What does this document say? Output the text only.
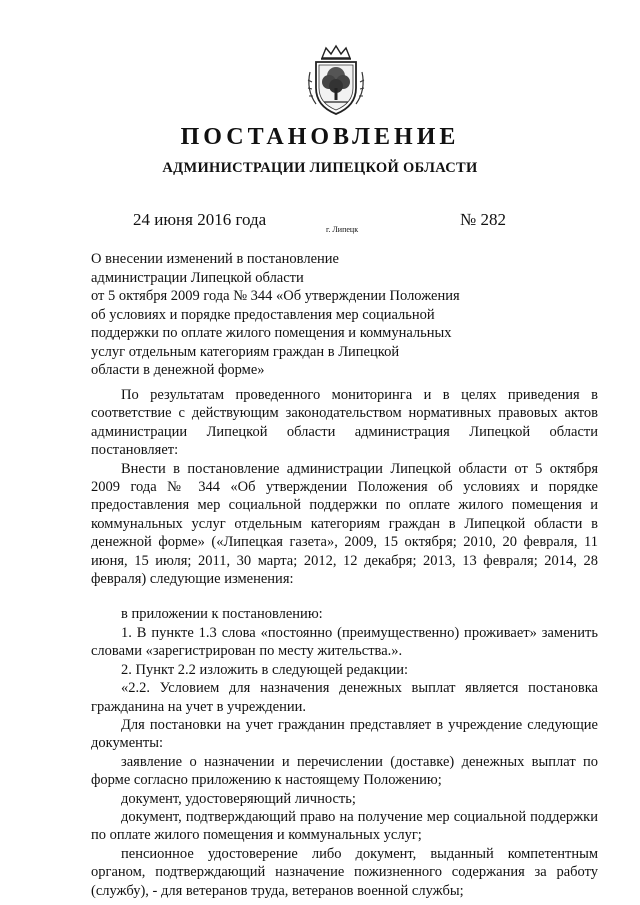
ПОСТАНОВЛЕНИЕ
АДМИНИСТРАЦИИ ЛИПЕЦКОЙ ОБЛАСТИ
24 июня 2016 года
г. Липецк
№ 282
О внесении изменений в постановление
администрации Липецкой области
от 5 октября 2009 года № 344 «Об утверждении Положения
об условиях и порядке предоставления мер социальной
поддержки по оплате жилого помещения и коммунальных
услуг отдельным категориям граждан в Липецкой
области в денежной форме»

По результатам проведенного мониторинга и в целях приведения в соответствие с действующим законодательством нормативных правовых актов администрации Липецкой области администрация Липецкой области постановляет:

Внести в постановление администрации Липецкой области от 5 октября 2009 года № 344 «Об утверждении Положения об условиях и порядке предоставления мер социальной поддержки по оплате жилого помещения и коммунальных услуг отдельным категориям граждан в Липецкой области в денежной форме» («Липецкая газета», 2009, 15 октября; 2010, 20 февраля, 11 июня, 15 июля; 2011, 30 марта; 2012, 12 декабря; 2013, 13 февраля; 2014, 28 февраля) следующие изменения:

в приложении к постановлению:

1. В пункте 1.3 слова «постоянно (преимущественно) проживает» заменить словами «зарегистрирован по месту жительства.».

2. Пункт 2.2 изложить в следующей редакции:

«2.2. Условием для назначения денежных выплат является постановка гражданина на учет в учреждении.

Для постановки на учет гражданин представляет в учреждение следующие документы:

заявление о назначении и перечислении (доставке) денежных выплат по форме согласно приложению к настоящему Положению;

документ, удостоверяющий личность;

документ, подтверждающий право на получение мер социальной поддержки по оплате жилого помещения и коммунальных услуг;

пенсионное удостоверение либо документ, выданный компетентным органом, подтверждающий назначение пожизненного содержания за работу (службу), - для ветеранов труда, ветеранов военной службы;
